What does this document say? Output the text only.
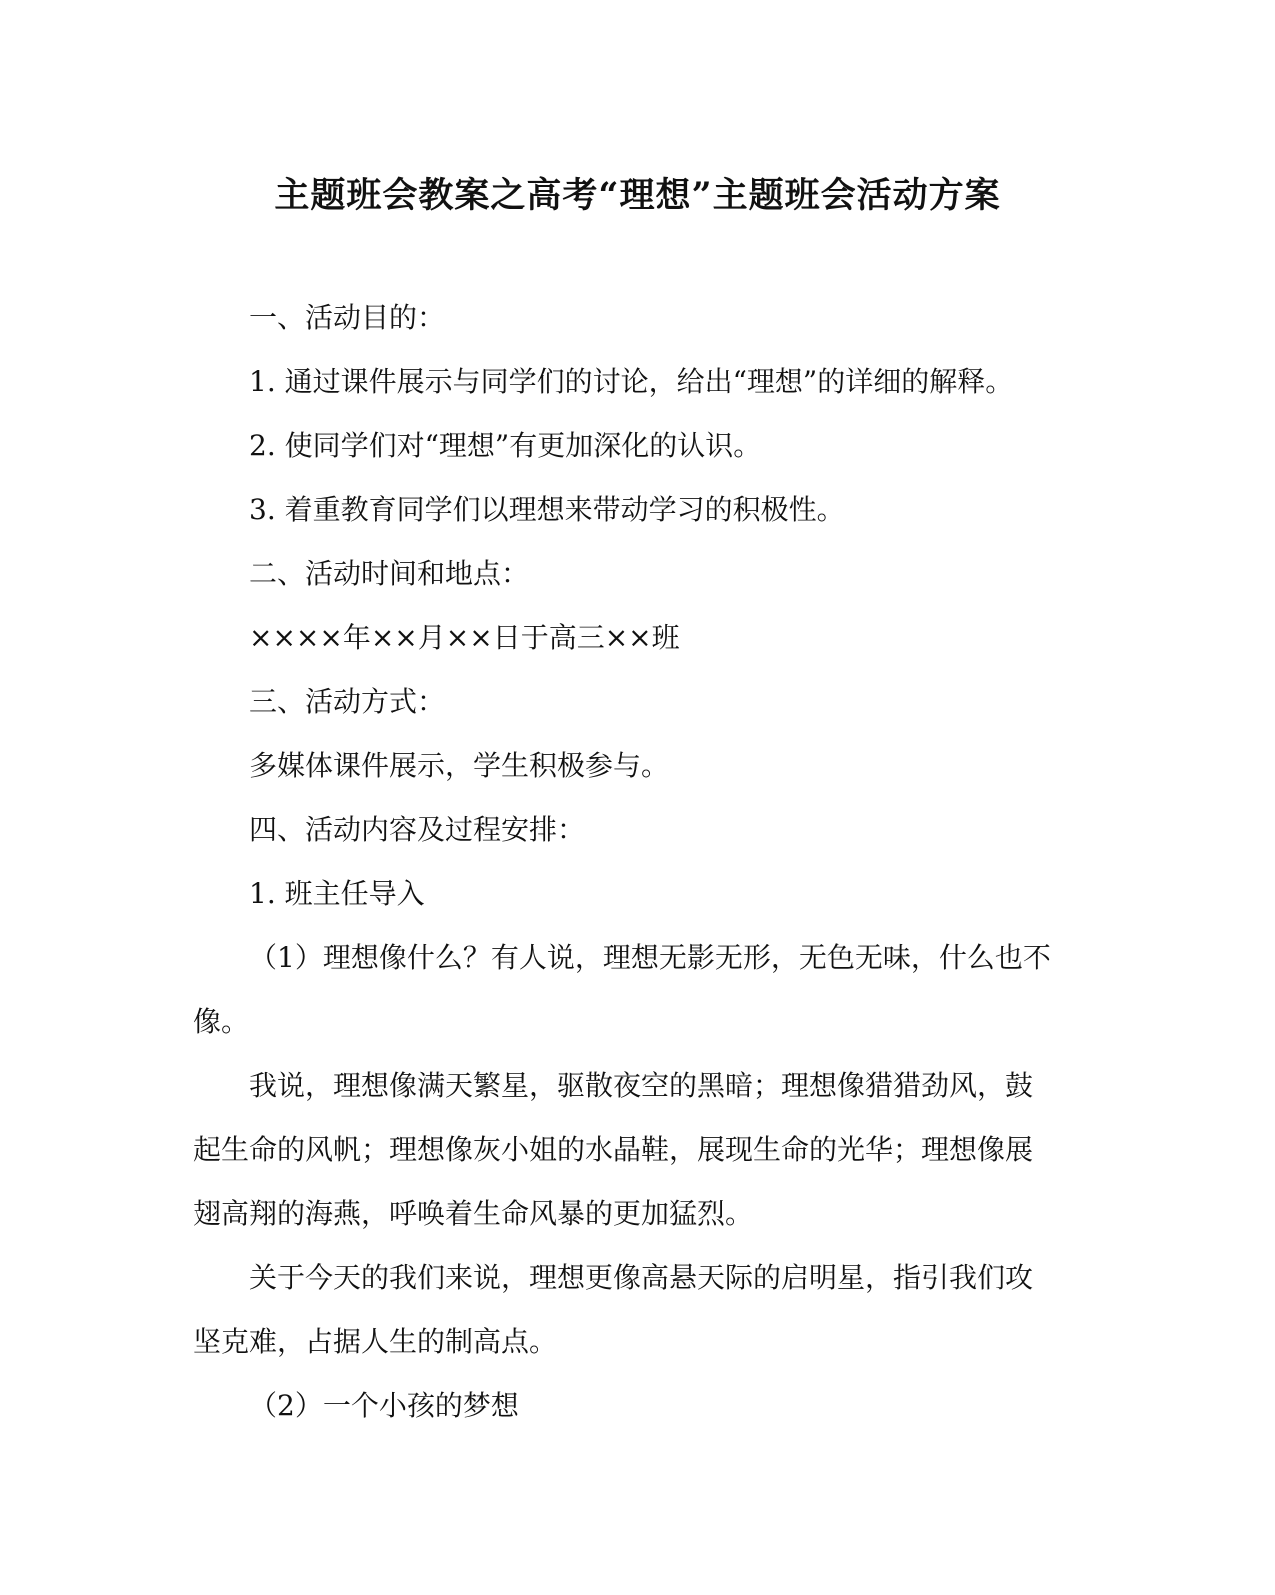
主题班会教案之高考“理想”主题班会活动方案

一、活动目的：

1. 通过课件展示与同学们的讨论，给出“理想”的详细的解释。

2. 使同学们对“理想”有更加深化的认识。

3. 着重教育同学们以理想来带动学习的积极性。

二、活动时间和地点：

××××年××月××日于高三××班

三、活动方式：

多媒体课件展示，学生积极参与。

四、活动内容及过程安排：

1. 班主任导入

（1）理想像什么？有人说，理想无影无形，无色无味，什么也不像。

我说，理想像满天繁星，驱散夜空的黑暗；理想像猎猎劲风，鼓起生命的风帆；理想像灰小姐的水晶鞋，展现生命的光华；理想像展翅高翔的海燕，呼唤着生命风暴的更加猛烈。

关于今天的我们来说，理想更像高悬天际的启明星，指引我们攻坚克难，占据人生的制高点。

（2）一个小孩的梦想
